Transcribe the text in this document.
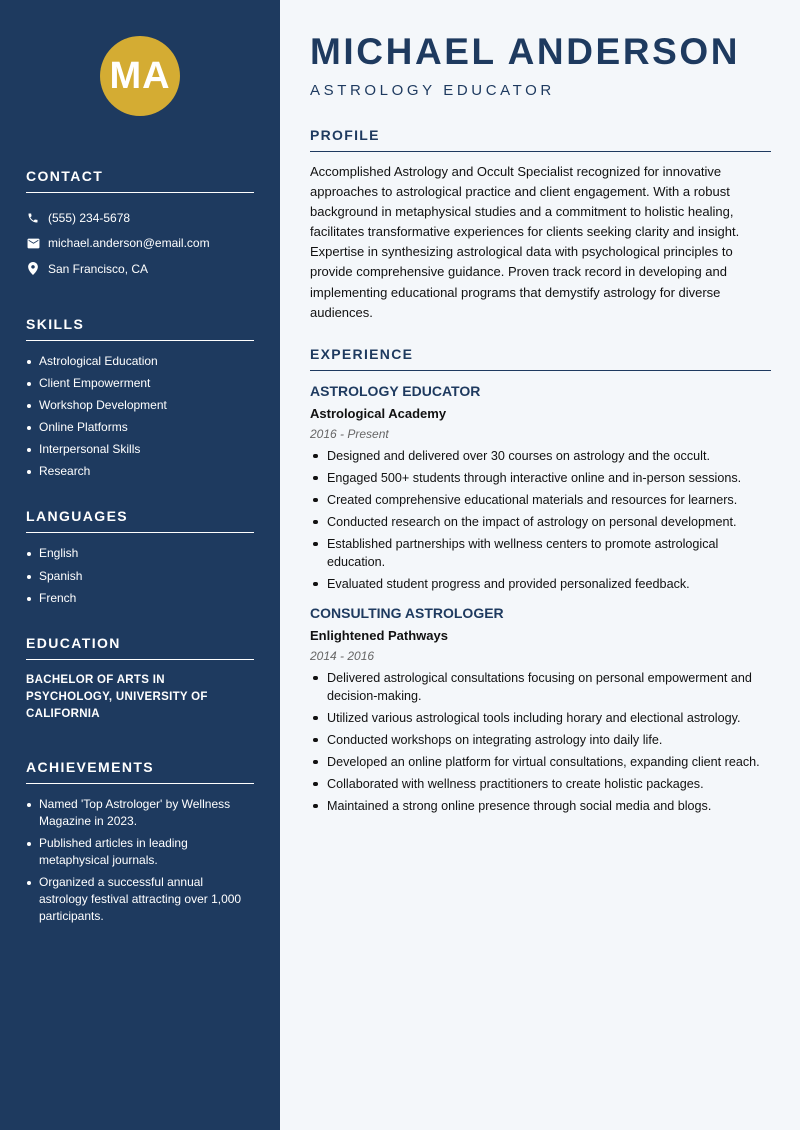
MA
CONTACT
(555) 234-5678
michael.anderson@email.com
San Francisco, CA
SKILLS
Astrological Education
Client Empowerment
Workshop Development
Online Platforms
Interpersonal Skills
Research
LANGUAGES
English
Spanish
French
EDUCATION
BACHELOR OF ARTS IN PSYCHOLOGY, UNIVERSITY OF CALIFORNIA
ACHIEVEMENTS
Named 'Top Astrologer' by Wellness Magazine in 2023.
Published articles in leading metaphysical journals.
Organized a successful annual astrology festival attracting over 1,000 participants.
MICHAEL ANDERSON
ASTROLOGY EDUCATOR
PROFILE

Accomplished Astrology and Occult Specialist recognized for innovative approaches to astrological practice and client engagement. With a robust background in metaphysical studies and a commitment to holistic healing, facilitates transformative experiences for clients seeking clarity and insight. Expertise in synthesizing astrological data with psychological principles to provide comprehensive guidance. Proven track record in developing and implementing educational programs that demystify astrology for diverse audiences.

EXPERIENCE
ASTROLOGY EDUCATOR
Astrological Academy
2016 - Present
Designed and delivered over 30 courses on astrology and the occult.
Engaged 500+ students through interactive online and in-person sessions.
Created comprehensive educational materials and resources for learners.
Conducted research on the impact of astrology on personal development.
Established partnerships with wellness centers to promote astrological education.
Evaluated student progress and provided personalized feedback.
CONSULTING ASTROLOGER
Enlightened Pathways
2014 - 2016
Delivered astrological consultations focusing on personal empowerment and decision-making.
Utilized various astrological tools including horary and electional astrology.
Conducted workshops on integrating astrology into daily life.
Developed an online platform for virtual consultations, expanding client reach.
Collaborated with wellness practitioners to create holistic packages.
Maintained a strong online presence through social media and blogs.
